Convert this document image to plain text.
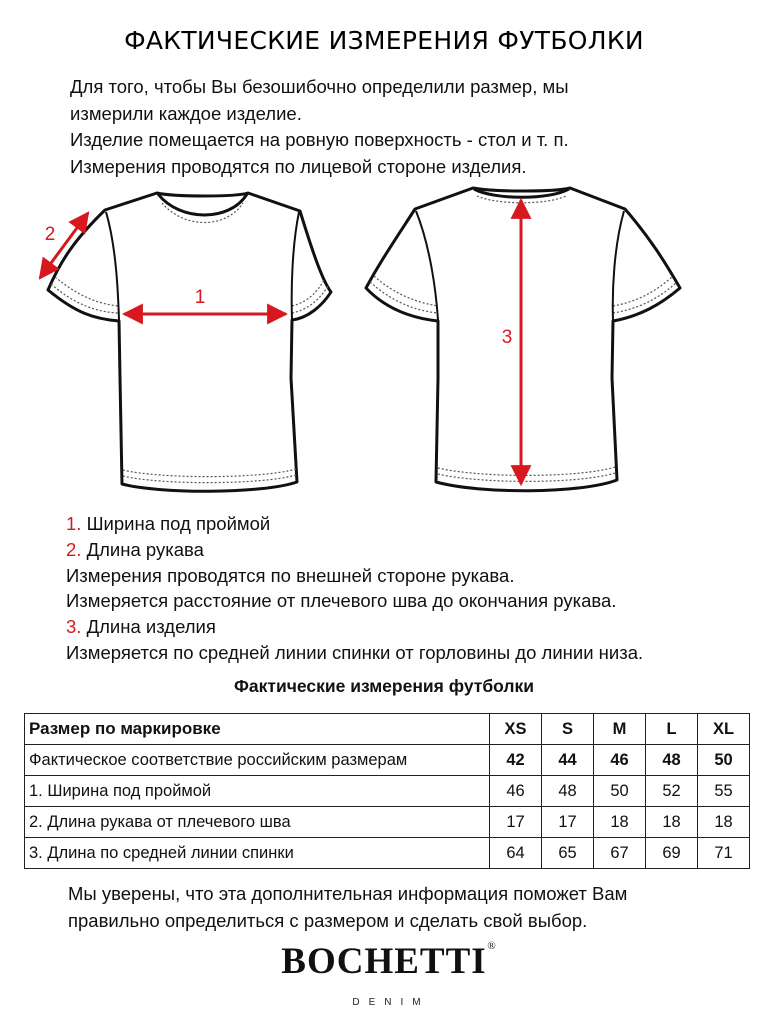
ФАКТИЧЕСКИЕ ИЗМЕРЕНИЯ ФУТБОЛКИ

Для того, чтобы Вы безошибочно определили размер, мы

измерили каждое изделие.

Изделие помещается на ровную поверхность - стол и т. п.

Измерения проводятся по лицевой стороне изделия.

1
2
3

1. Ширина под проймой

2. Длина рукава

Измерения проводятся по внешней стороне рукава.

Измеряется расстояние от плечевого шва до окончания рукава.

3. Длина изделия

Измеряется по средней линии спинки от горловины до линии низа.

Фактические измерения футболки
Размер по маркировке	XS	S	M	L	XL
Фактическое соответствие российским размерам	42	44	46	48	50
1. Ширина под проймой	46	48	50	52	55
2. Длина рукава от плечевого шва	17	17	18	18	18
3. Длина по средней линии спинки	64	65	67	69	71

Мы уверены, что эта дополнительная информация поможет Вам

правильно определиться с размером и сделать свой выбор.

BOCHETTI ®
DENIM
